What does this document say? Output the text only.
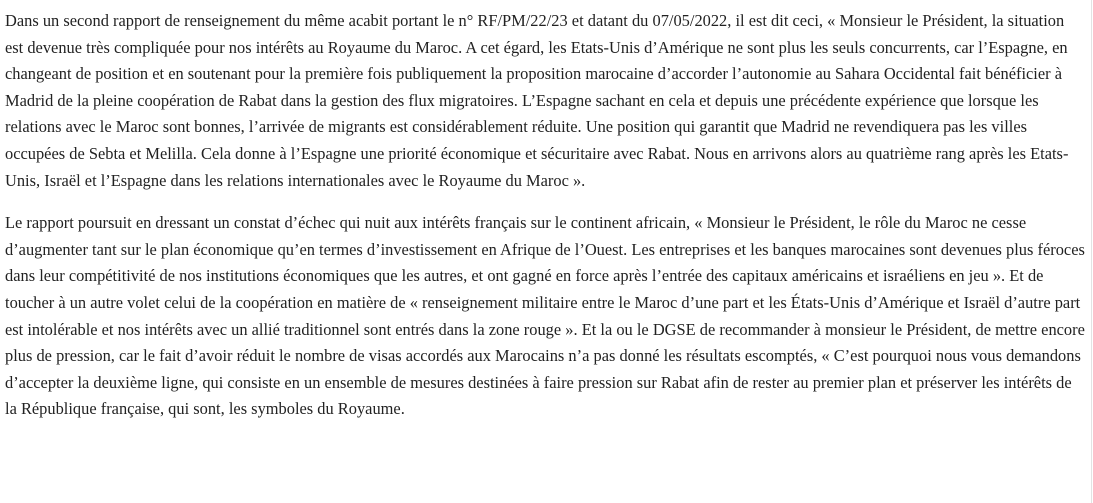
Dans un second rapport de renseignement du même acabit portant le n° RF/PM/22/23 et datant du 07/05/2022, il est dit ceci, « Monsieur le Président, la situation est devenue très compliquée pour nos intérêts au Royaume du Maroc. A cet égard, les Etats-Unis d’Amérique ne sont plus les seuls concurrents, car l’Espagne, en changeant de position et en soutenant pour la première fois publiquement la proposition marocaine d’accorder l’autonomie au Sahara Occidental fait bénéficier à Madrid de la pleine coopération de Rabat dans la gestion des flux migratoires. L’Espagne sachant en cela et depuis une précédente expérience que lorsque les relations avec le Maroc sont bonnes, l’arrivée de migrants est considérablement réduite. Une position qui garantit que Madrid ne revendiquera pas les villes occupées de Sebta et Melilla. Cela donne à l’Espagne une priorité économique et sécuritaire avec Rabat. Nous en arrivons alors au quatrième rang après les Etats-Unis, Israël et l’Espagne dans les relations internationales avec le Royaume du Maroc ».

Le rapport poursuit en dressant un constat d’échec qui nuit aux intérêts français sur le continent africain, « Monsieur le Président, le rôle du Maroc ne cesse d’augmenter tant sur le plan économique qu’en termes d’investissement en Afrique de l’Ouest. Les entreprises et les banques marocaines sont devenues plus féroces dans leur compétitivité de nos institutions économiques que les autres, et ont gagné en force après l’entrée des capitaux américains et israéliens en jeu ». Et de toucher à un autre volet celui de la coopération en matière de « renseignement militaire entre le Maroc d’une part et les États-Unis d’Amérique et Israël d’autre part est intolérable et nos intérêts avec un allié traditionnel sont entrés dans la zone rouge ». Et la ou le DGSE de recommander à monsieur le Président, de mettre encore plus de pression, car le fait d’avoir réduit le nombre de visas accordés aux Marocains n’a pas donné les résultats escomptés, « C’est pourquoi nous vous demandons d’accepter la deuxième ligne, qui consiste en un ensemble de mesures destinées à faire pression sur Rabat afin de rester au premier plan et préserver les intérêts de la République française, qui sont, les symboles du Royaume.
